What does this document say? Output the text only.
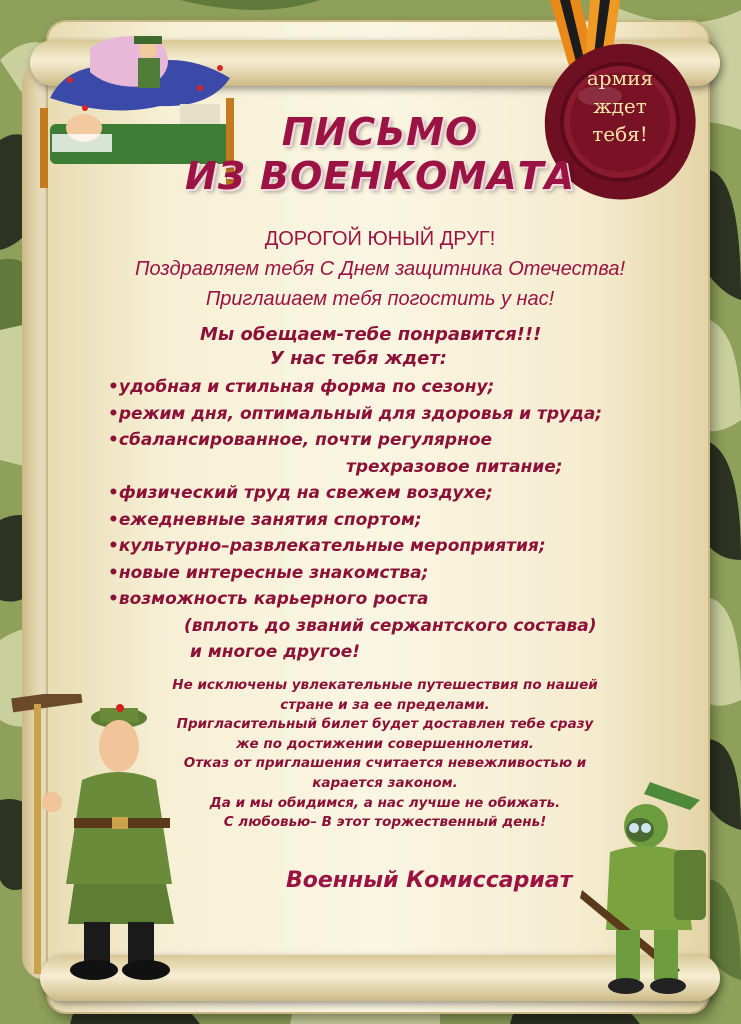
армия
ждет
тебя!
ПИСЬМО
ИЗ ВОЕНКОМАТА
ДОРОГОЙ ЮНЫЙ ДРУГ!
Поздравляем тебя С Днем защитника Отечества!
Приглашаем тебя погостить у нас!
Мы обещаем-тебе понравится!!!
У нас тебя ждет:
•удобная и стильная форма по сезону;
•режим дня, оптимальный для здоровья и труда;
•сбалансированное, почти регулярное
трехразовое питание;
•физический труд на свежем воздухе;
•ежедневные занятия спортом;
•культурно–развлекательные мероприятия;
•новые интересные знакомства;
•возможность карьерного роста
(вплоть до званий сержантского состава)
и многое другое!
Не исключены увлекательные путешествия по нашей
стране и за ее пределами.
Пригласительный билет будет доставлен тебе сразу
же по достижении совершеннолетия.
Отказ от приглашения считается невежливостью и
карается законом.
Да и мы обидимся, а нас лучше не обижать.
С любовью– В этот торжественный день!
Военный Комиссариат
